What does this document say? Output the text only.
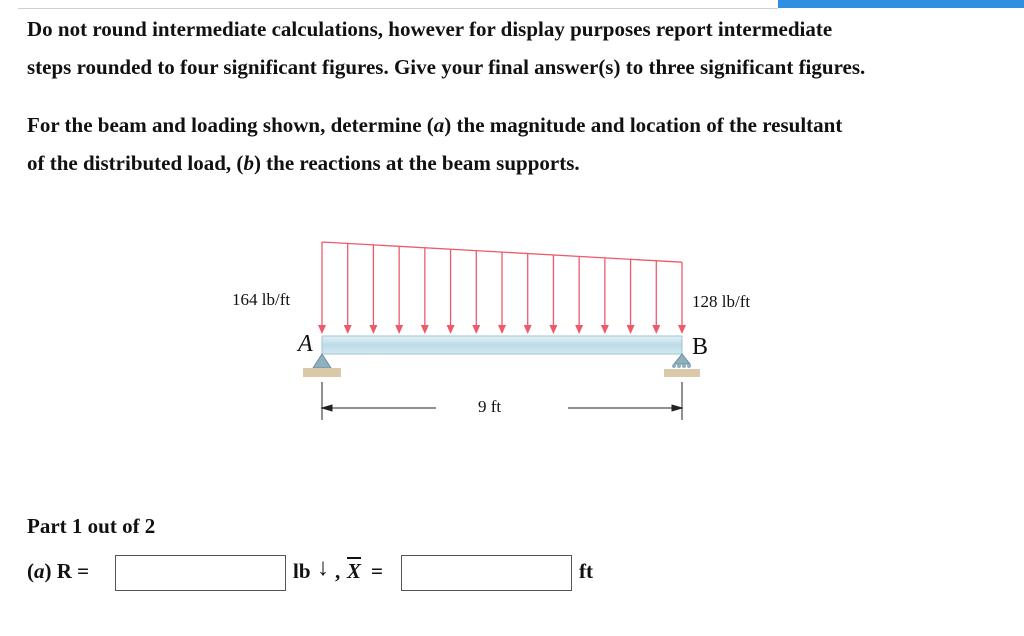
Do not round intermediate calculations, however for display purposes report intermediate
steps rounded to four significant figures. Give your final answer(s) to three significant figures.
For the beam and loading shown, determine (a) the magnitude and location of the resultant
of the distributed load, (b) the reactions at the beam supports.
164 lb/ft	128 lb/ft
A	B
9 ft
Part 1 out of 2
(a) R =	lb ↓ , $\overline{X}$ =	ft
